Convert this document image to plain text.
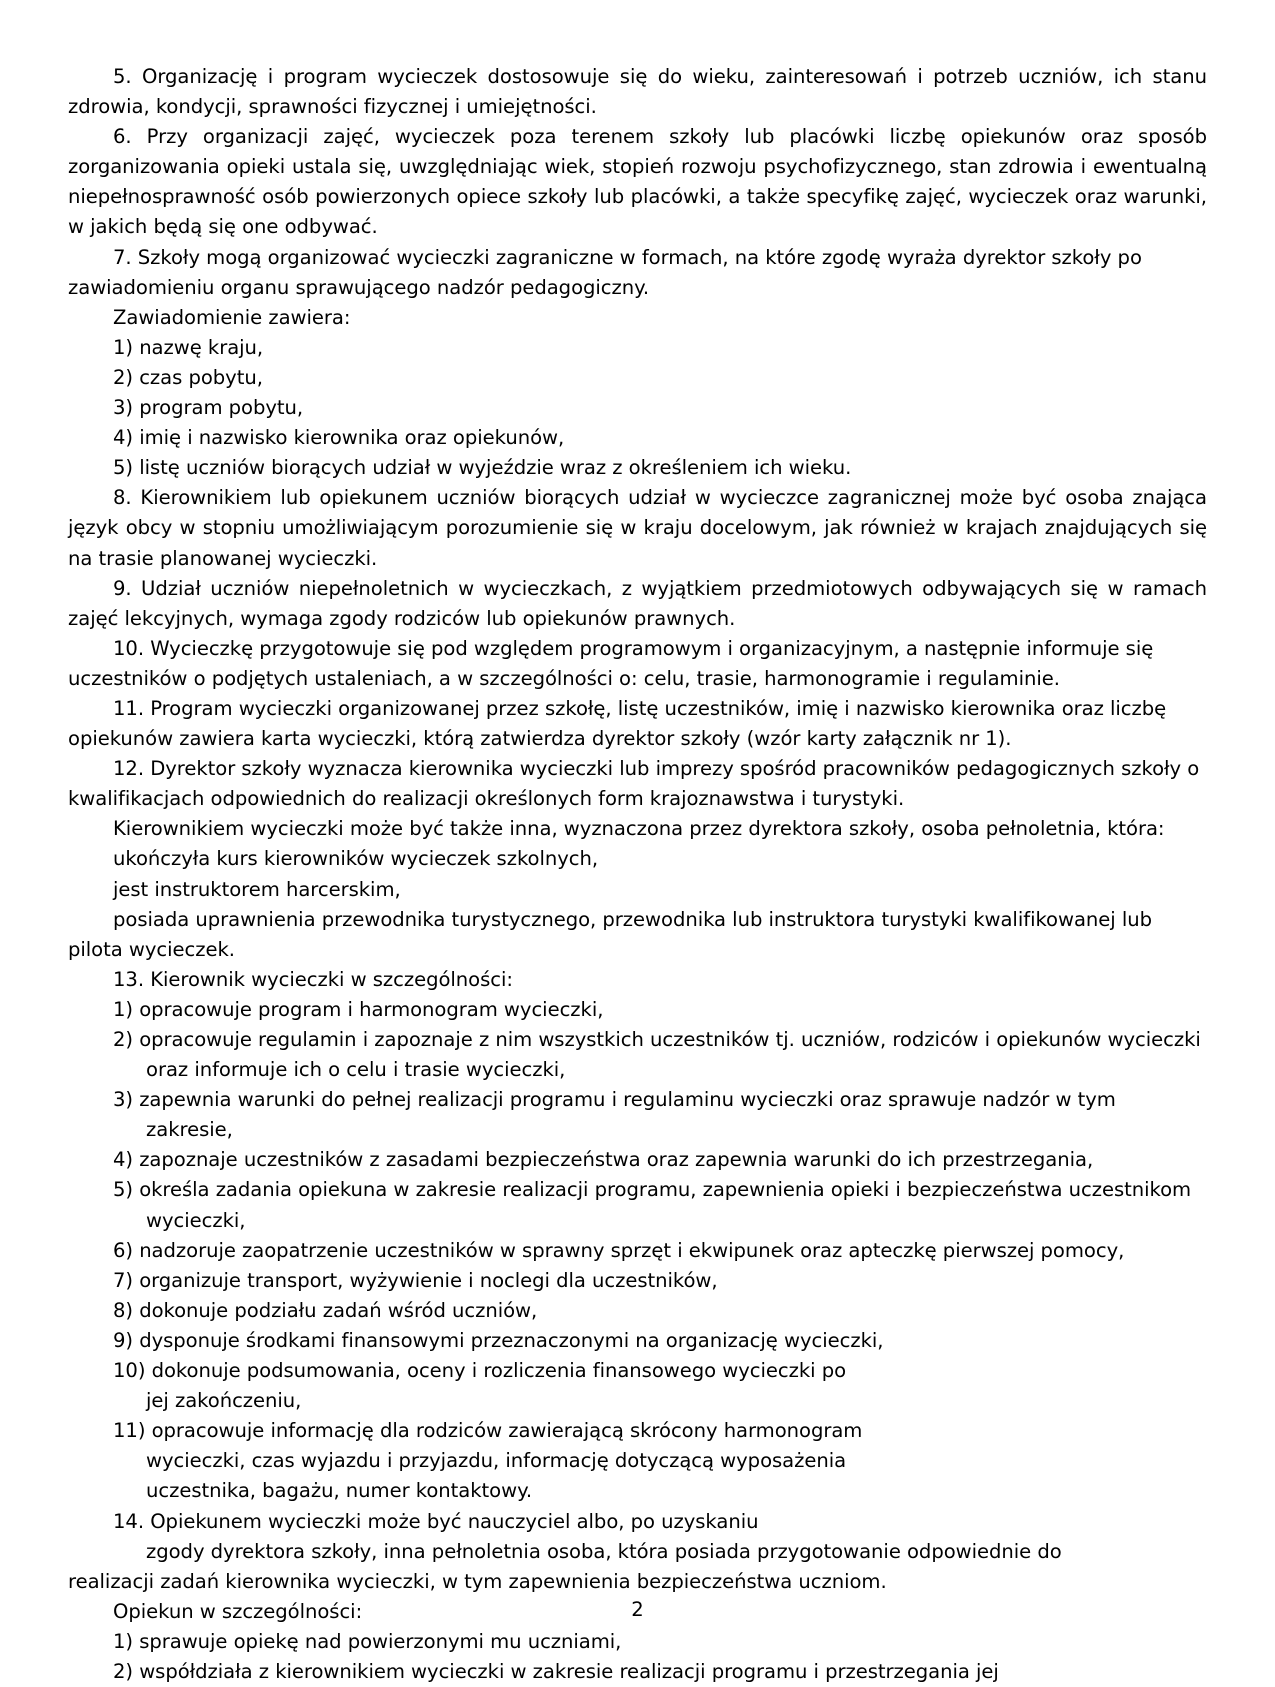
5. Organizację i program wycieczek dostosowuje się do wieku, zainteresowań i potrzeb uczniów, ich stanu zdrowia, kondycji, sprawności fizycznej i umiejętności.

6. Przy organizacji zajęć, wycieczek poza terenem szkoły lub placówki liczbę opiekunów oraz sposób zorganizowania opieki ustala się, uwzględniając wiek, stopień rozwoju psychofizycznego, stan zdrowia i ewentualną niepełnosprawność osób powierzonych opiece szkoły lub placówki, a także specyfikę zajęć, wycieczek oraz warunki, w jakich będą się one odbywać.

7. Szkoły mogą organizować wycieczki zagraniczne w formach, na które zgodę wyraża dyrektor szkoły po zawiadomieniu organu sprawującego nadzór pedagogiczny.

Zawiadomienie zawiera:

1) nazwę kraju,

2) czas pobytu,

3) program pobytu,

4) imię i nazwisko kierownika oraz opiekunów,

5) listę uczniów biorących udział w wyjeździe wraz z określeniem ich wieku.

8. Kierownikiem lub opiekunem uczniów biorących udział w wycieczce zagranicznej może być osoba znająca język obcy w stopniu umożliwiającym porozumienie się w kraju docelowym, jak również w krajach znajdujących się na trasie planowanej wycieczki.

9. Udział uczniów niepełnoletnich w wycieczkach, z wyjątkiem przedmiotowych odbywających się w ramach zajęć lekcyjnych, wymaga zgody rodziców lub opiekunów prawnych.

10. Wycieczkę przygotowuje się pod względem programowym i organizacyjnym, a następnie informuje się uczestników o podjętych ustaleniach, a w szczególności o: celu, trasie, harmonogramie i regulaminie.

11. Program wycieczki organizowanej przez szkołę, listę uczestników, imię i nazwisko kierownika oraz liczbę opiekunów zawiera karta wycieczki, którą zatwierdza dyrektor szkoły (wzór karty załącznik nr 1).

12. Dyrektor szkoły wyznacza kierownika wycieczki lub imprezy spośród pracowników pedagogicznych szkoły o kwalifikacjach odpowiednich do realizacji określonych form krajoznawstwa i turystyki.

Kierownikiem wycieczki może być także inna, wyznaczona przez dyrektora szkoły, osoba pełnoletnia, która:

ukończyła kurs kierowników wycieczek szkolnych,

jest instruktorem harcerskim,

posiada uprawnienia przewodnika turystycznego, przewodnika lub instruktora turystyki kwalifikowanej lub pilota wycieczek.

13. Kierownik wycieczki w szczególności:

1) opracowuje program i harmonogram wycieczki,

2) opracowuje regulamin i zapoznaje z nim wszystkich uczestników tj. uczniów, rodziców i opiekunów wycieczki oraz informuje ich o celu i trasie wycieczki,

3) zapewnia warunki do pełnej realizacji programu i regulaminu wycieczki oraz sprawuje nadzór w tym zakresie,

4) zapoznaje uczestników z zasadami bezpieczeństwa oraz zapewnia warunki do ich przestrzegania,

5) określa zadania opiekuna w zakresie realizacji programu, zapewnienia opieki i bezpieczeństwa uczestnikom wycieczki,

6) nadzoruje zaopatrzenie uczestników w sprawny sprzęt i ekwipunek oraz apteczkę pierwszej pomocy,

7) organizuje transport, wyżywienie i noclegi dla uczestników,

8) dokonuje podziału zadań wśród uczniów,

9) dysponuje środkami finansowymi przeznaczonymi na organizację wycieczki,

10) dokonuje podsumowania, oceny i rozliczenia finansowego wycieczki po

jej zakończeniu,

11) opracowuje informację dla rodziców zawierającą skrócony harmonogram

wycieczki, czas wyjazdu i przyjazdu, informację dotyczącą wyposażenia

uczestnika, bagażu, numer kontaktowy.

14. Opiekunem wycieczki może być nauczyciel albo, po uzyskaniu

zgody dyrektora szkoły, inna pełnoletnia osoba, która posiada przygotowanie odpowiednie do

realizacji zadań kierownika wycieczki, w tym zapewnienia bezpieczeństwa uczniom.

Opiekun w szczególności:

1) sprawuje opiekę nad powierzonymi mu uczniami,

2) współdziała z kierownikiem wycieczki w zakresie realizacji programu i przestrzegania jej

2
